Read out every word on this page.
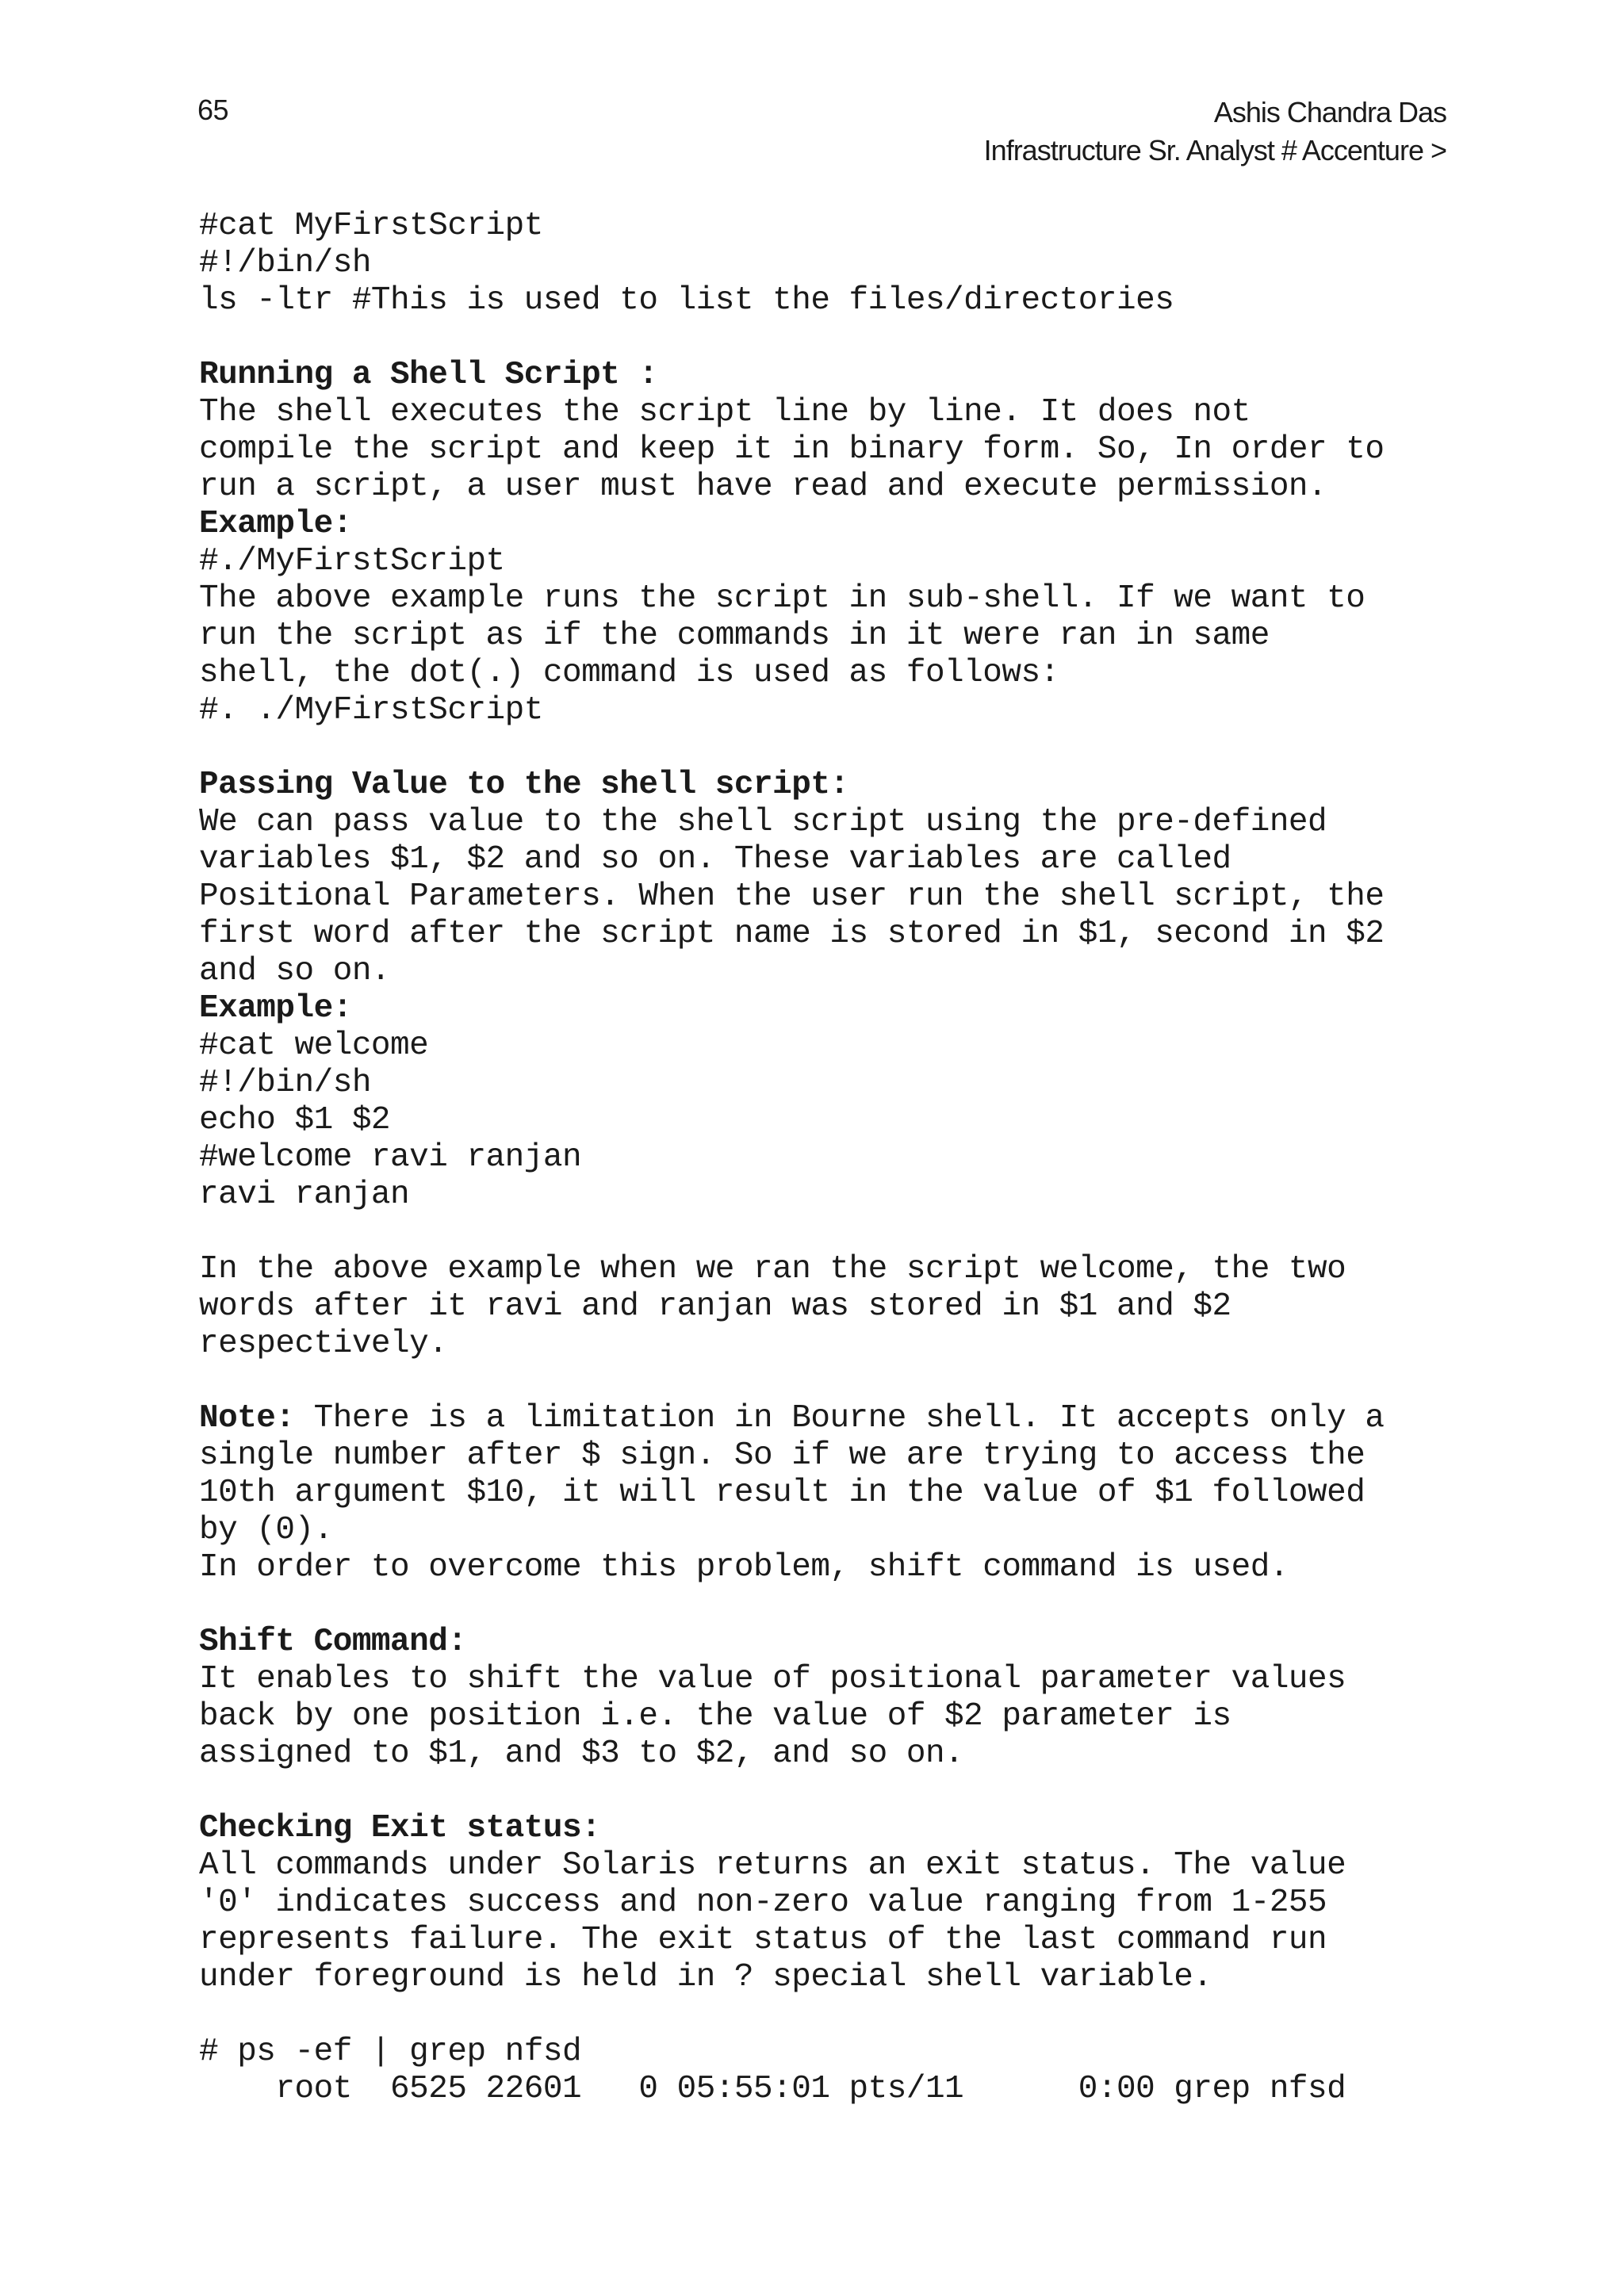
65	Ashis Chandra Das
Infrastructure Sr. Analyst # Accenture >
#cat MyFirstScript
#!/bin/sh
ls -ltr #This is used to list the files/directories
Running a Shell Script :
The shell executes the script line by line. It does not
compile the script and keep it in binary form. So, In order to
run a script, a user must have read and execute permission.
Example:
#./MyFirstScript
The above example runs the script in sub-shell. If we want to
run the script as if the commands in it were ran in same
shell, the dot(.) command is used as follows:
#. ./MyFirstScript
Passing Value to the shell script:
We can pass value to the shell script using the pre-defined
variables $1, $2 and so on. These variables are called
Positional Parameters. When the user run the shell script, the
first word after the script name is stored in $1, second in $2
and so on.
Example:
#cat welcome
#!/bin/sh
echo $1 $2
#welcome ravi ranjan
ravi ranjan
In the above example when we ran the script welcome, the two
words after it ravi and ranjan was stored in $1 and $2
respectively.
Note: There is a limitation in Bourne shell. It accepts only a
single number after $ sign. So if we are trying to access the
10th argument $10, it will result in the value of $1 followed
by (0).
In order to overcome this problem, shift command is used.
Shift Command:
It enables to shift the value of positional parameter values
back by one position i.e. the value of $2 parameter is
assigned to $1, and $3 to $2, and so on.
Checking Exit status:
All commands under Solaris returns an exit status. The value
'0' indicates success and non-zero value ranging from 1-255
represents failure. The exit status of the last command run
under foreground is held in ? special shell variable.
# ps -ef | grep nfsd
root  6525 22601   0 05:55:01 pts/11      0:00 grep nfsd
